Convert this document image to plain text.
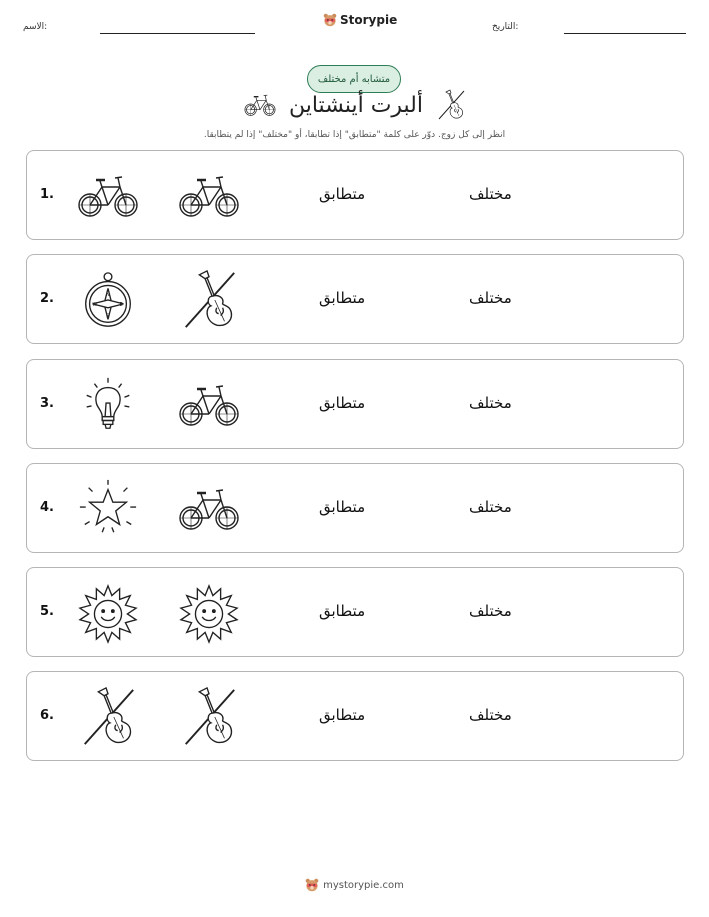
الاسم:	Storypie	التاريخ:
متشابه أم مختلف
ألبرت أينشتاين
انظر إلى كل زوج. دوّر على كلمة "متطابق" إذا تطابقا، أو "مختلف" إذا لم يتطابقا.
1.	متطابق	مختلف
2.	متطابق	مختلف
3.	متطابق	مختلف
4.	متطابق	مختلف
5.	متطابق	مختلف
6.	متطابق	مختلف
mystorypie.com
